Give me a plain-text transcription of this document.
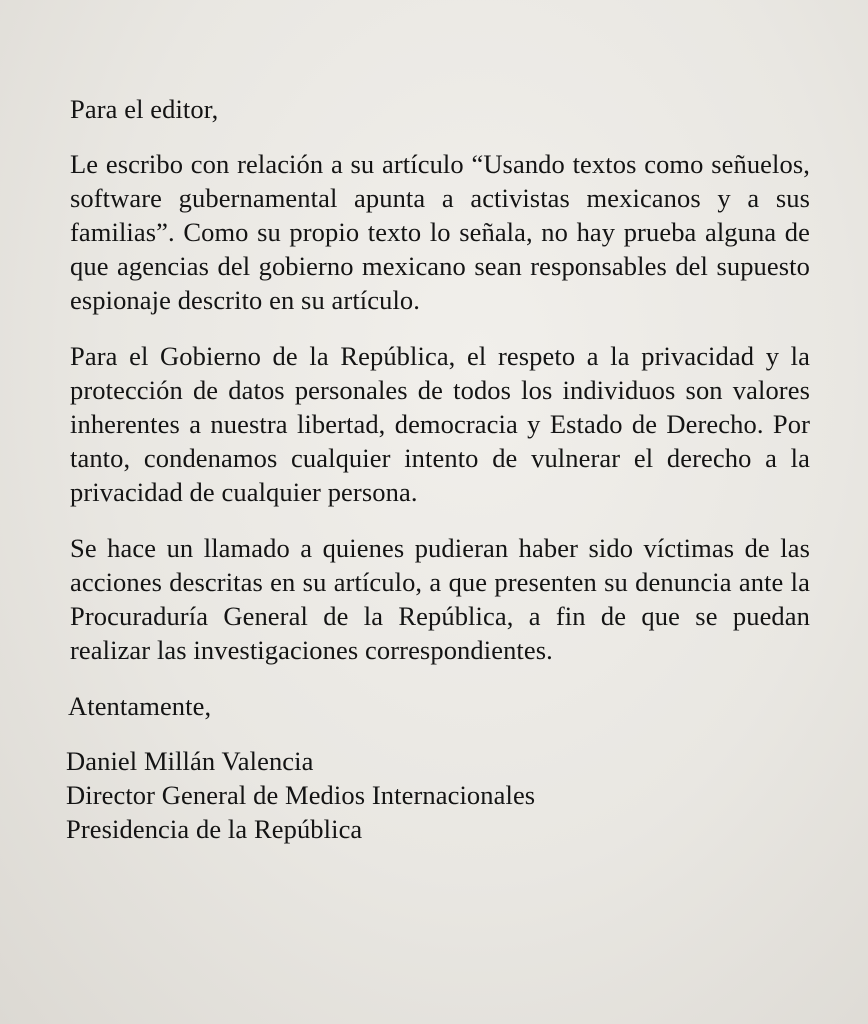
Para el editor,

Le escribo con relación a su artículo “Usando textos como señuelos, software gubernamental apunta a activistas mexicanos y a sus familias”. Como su propio texto lo señala, no hay prueba alguna de que agencias del gobierno mexicano sean responsables del supuesto espionaje descrito en su artículo.

Para el Gobierno de la República, el respeto a la privacidad y la protección de datos personales de todos los individuos son valores inherentes a nuestra libertad, democracia y Estado de Derecho. Por tanto, condenamos cualquier intento de vulnerar el derecho a la privacidad de cualquier persona.

Se hace un llamado a quienes pudieran haber sido víctimas de las acciones descritas en su artículo, a que presenten su denuncia ante la Procuraduría General de la República, a fin de que se puedan realizar las investigaciones correspondientes.

Atentamente,

Daniel Millán Valencia
Director General de Medios Internacionales
Presidencia de la República
